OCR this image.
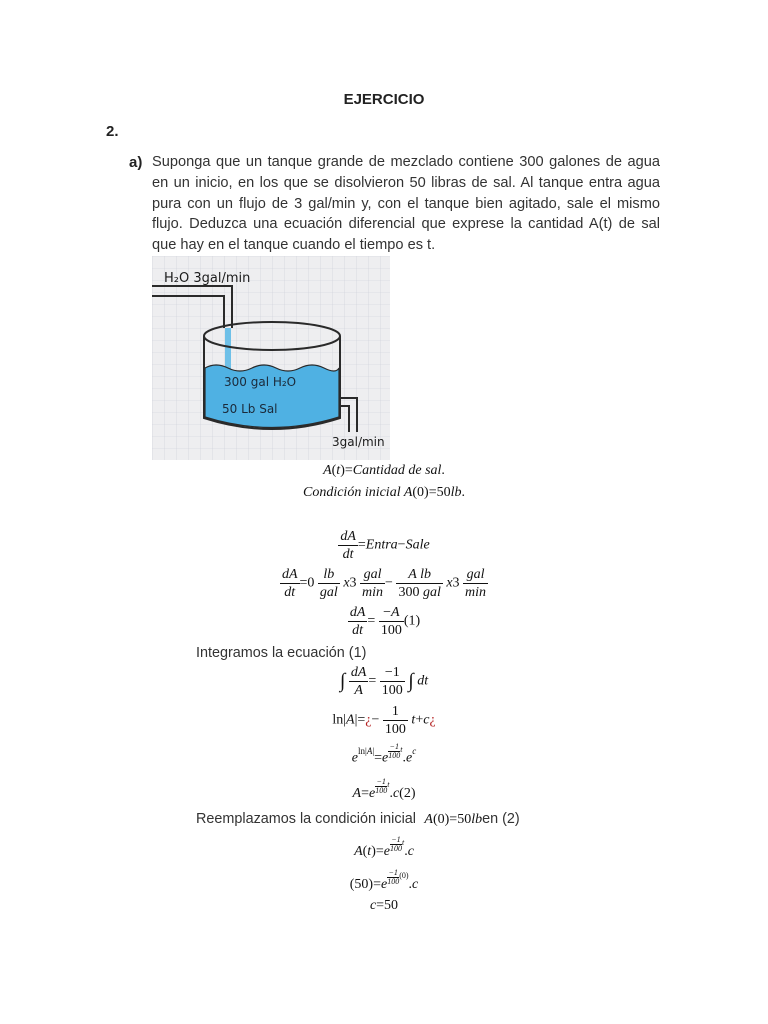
EJERCICIO
2.
a) Suponga que un tanque grande de mezclado contiene 300 galones de agua en un inicio, en los que se disolvieron 50 libras de sal. Al tanque entra agua pura con un flujo de 3 gal/min y, con el tanque bien agitado, sale el mismo flujo. Deduzca una ecuación diferencial que exprese la cantidad A(t) de sal que hay en el tanque cuando el tiempo es t.
H₂O 3gal/min
300 gal H₂O
50 Lb Sal
3gal/min
A(t)=Cantidad de sal.
Condición inicial A(0)=50lb.
$\frac{dA}{dt}$ =Entra−Sale
$\frac{dA}{dt} =0 \frac{lb}{\text{gal}} x3 \frac{\text{gal}}{\min} - \frac{\text{A lb}}{\text{300 gal}} x3 \frac{\text{gal}}{\min}$
$\frac{dA}{dt} = \frac{-A}{100} (1)$
Integramos la ecuación (1)
∫ $\frac{dA}{A} = \frac{-1}{100}$ ∫ dt
ln|A|=¿− $\frac{1}{100}$ t+c¿
$e^{ln|A|}=e \frac{-1}{100} ^t.e^c$
$A=e \frac{-1}{100} ^t.c(2)$
Reemplazamos la condición inicial A(0)=50lben (2)
$A(t)=e \frac{-1}{100} ^t.c$
$(50)=e \frac{-1}{100} ^{(0)}.c$
c=50
